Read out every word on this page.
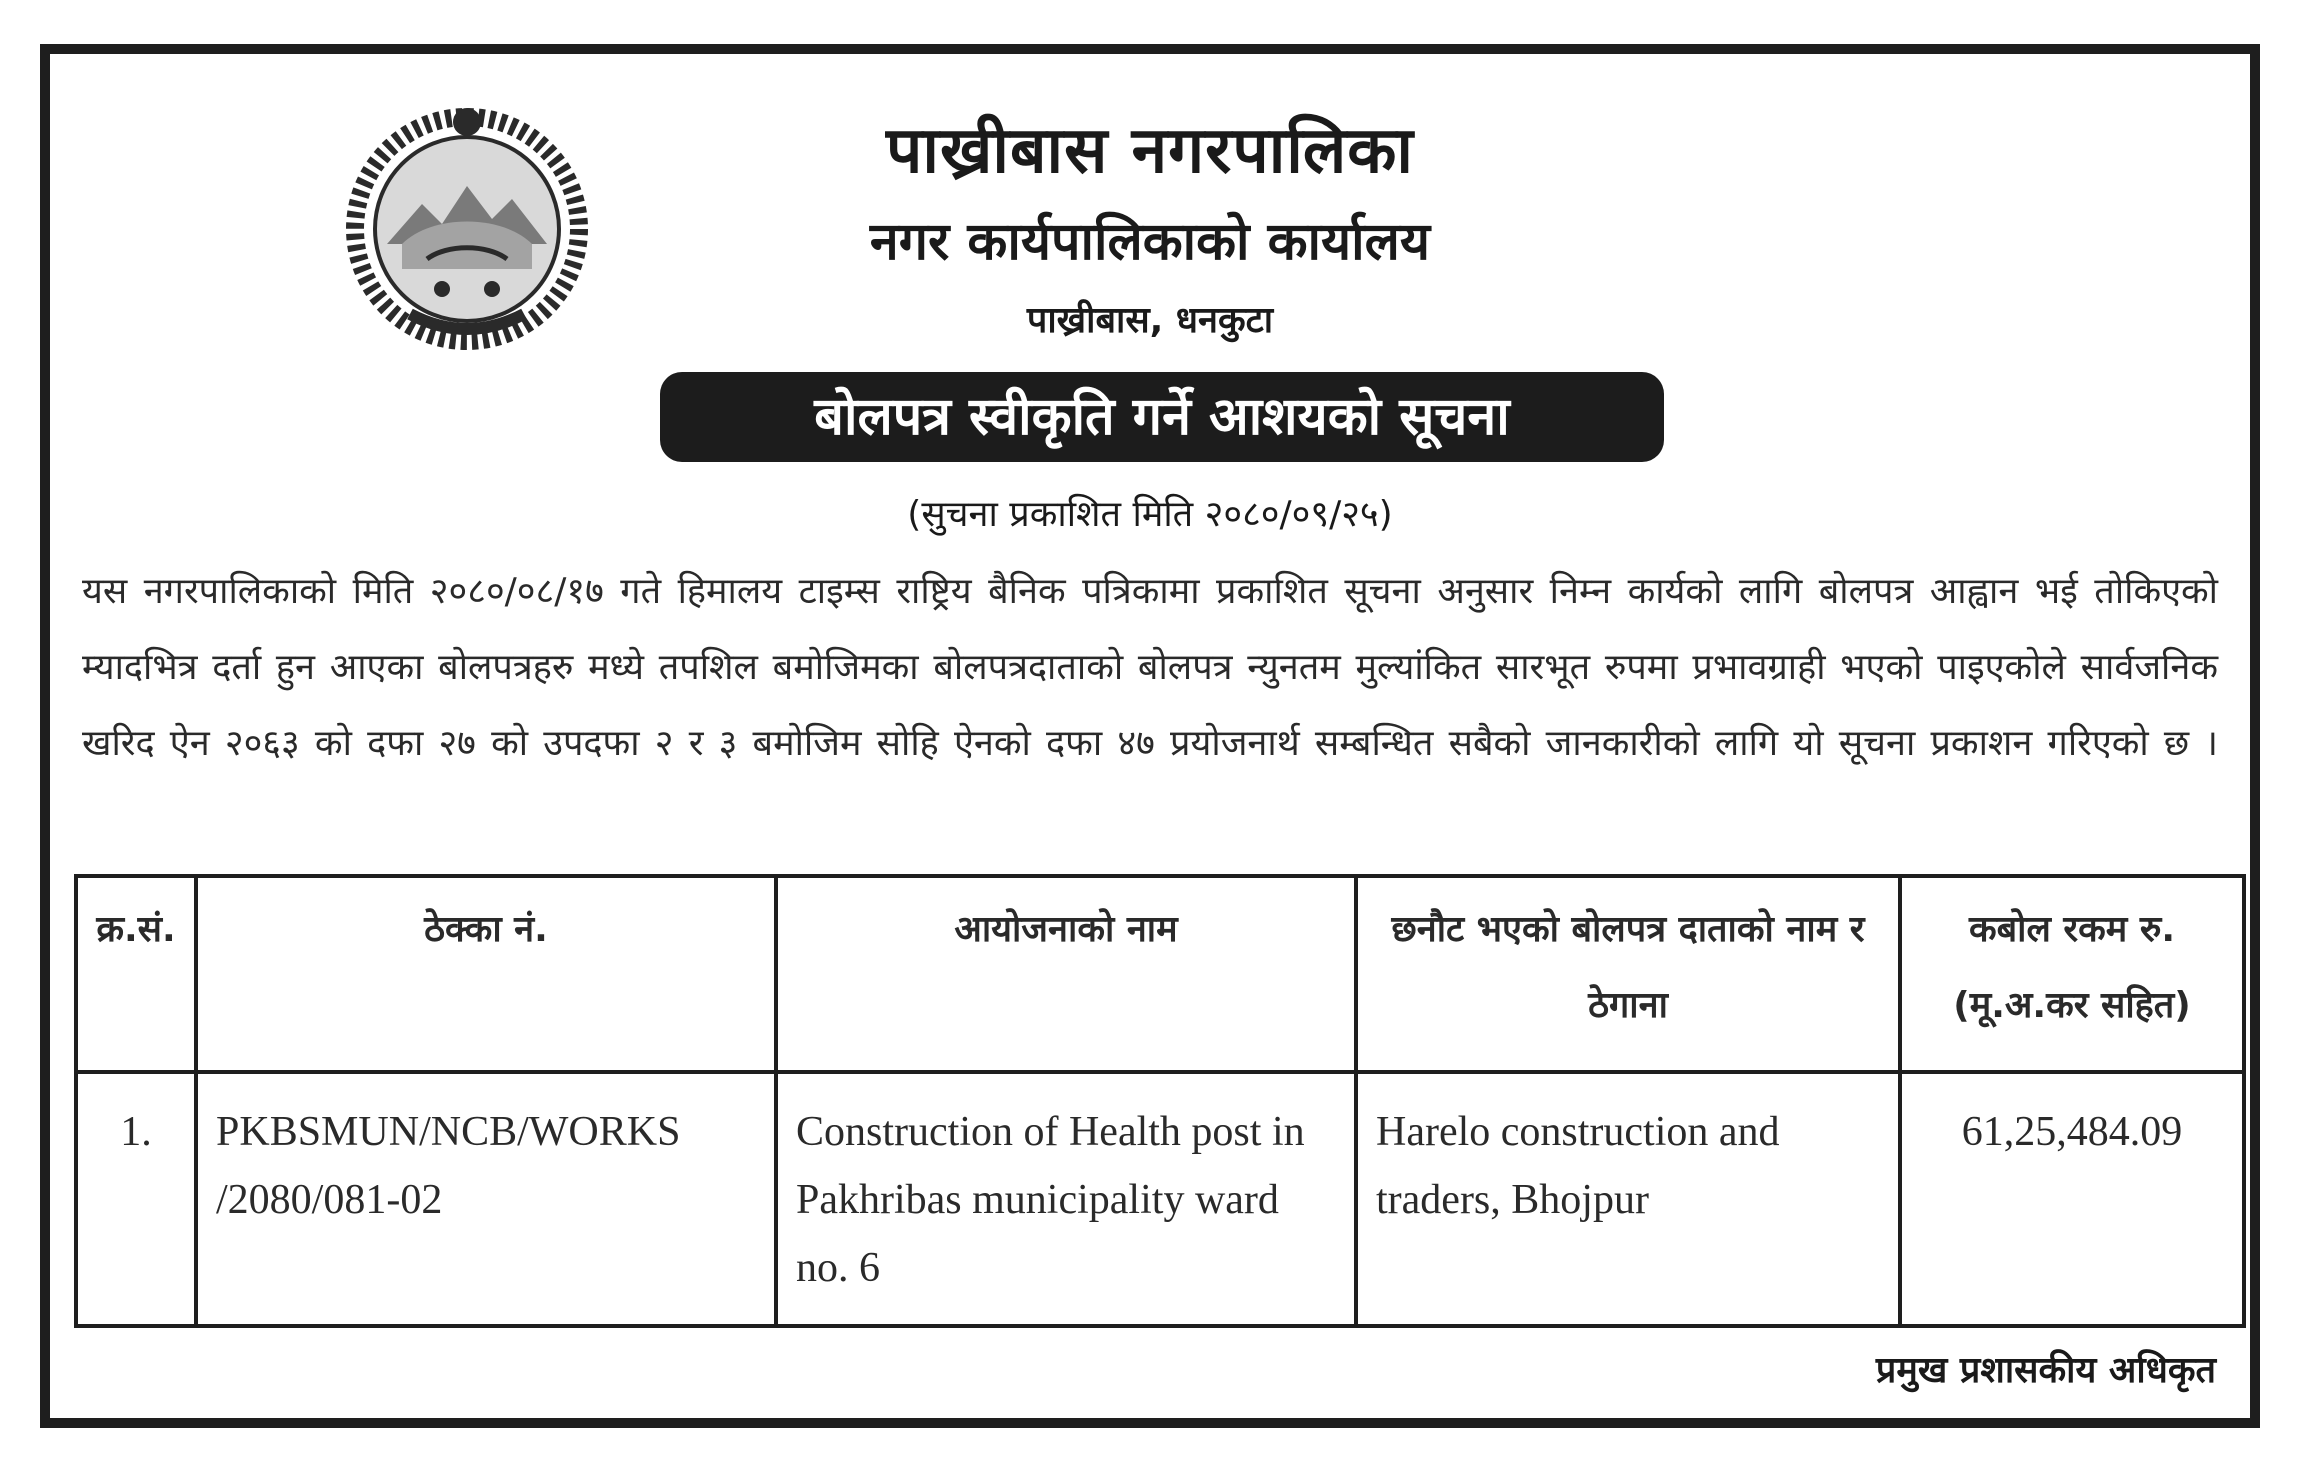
पाख्रीबास नगरपालिका
नगर कार्यपालिकाको कार्यालय
पाख्रीबास, धनकुटा
बोलपत्र स्वीकृति गर्ने आशयको सूचना
(सुचना प्रकाशित मिति २०८०/०९/२५)
यस नगरपालिकाको मिति २०८०/०८/१७ गते हिमालय टाइम्स राष्ट्रिय बैनिक पत्रिकामा प्रकाशित सूचना अनुसार निम्न कार्यको लागि बोलपत्र आह्वान भई तोकिएको म्यादभित्र दर्ता हुन आएका बोलपत्रहरु मध्ये तपशिल बमोजिमका बोलपत्रदाताको बोलपत्र न्युनतम मुल्यांकित सारभूत रुपमा प्रभावग्राही भएको पाइएकोले सार्वजनिक खरिद ऐन २०६३ को दफा २७ को उपदफा २ र ३ बमोजिम सोहि ऐनको दफा ४७ प्रयोजनार्थ सम्बन्धित सबैको जानकारीको लागि यो सूचना प्रकाशन गरिएको छ ।
क्र.सं.	ठेक्का नं.	आयोजनाको नाम	छनौट भएको बोलपत्र दाताको नाम र ठेगाना	कबोल रकम रु. (मू.अ.कर सहित)
1.	PKBSMUN/NCB/WORKS /2080/081-02	Construction of Health post in Pakhribas municipality ward no. 6	Harelo construction and traders, Bhojpur	61,25,484.09
प्रमुख प्रशासकीय अधिकृत
